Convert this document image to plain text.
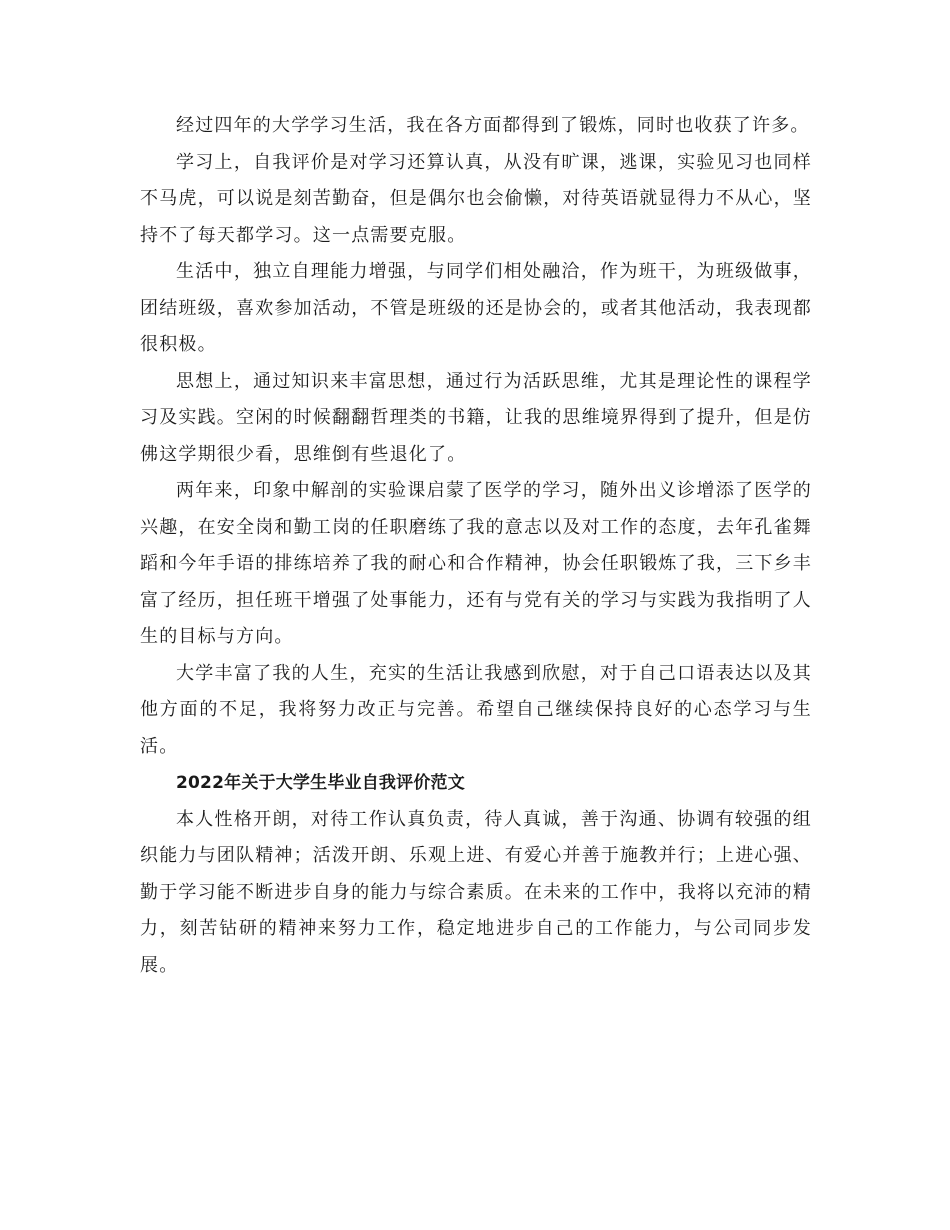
经过四年的大学学习生活，我在各方面都得到了锻炼，同时也收获了许多。

学习上，自我评价是对学习还算认真，从没有旷课，逃课，实验见习也同样不马虎，可以说是刻苦勤奋，但是偶尔也会偷懒，对待英语就显得力不从心，坚持不了每天都学习。这一点需要克服。

生活中，独立自理能力增强，与同学们相处融洽，作为班干，为班级做事，团结班级，喜欢参加活动，不管是班级的还是协会的，或者其他活动，我表现都很积极。

思想上，通过知识来丰富思想，通过行为活跃思维，尤其是理论性的课程学习及实践。空闲的时候翻翻哲理类的书籍，让我的思维境界得到了提升，但是仿佛这学期很少看，思维倒有些退化了。

两年来，印象中解剖的实验课启蒙了医学的学习，随外出义诊增添了医学的兴趣，在安全岗和勤工岗的任职磨练了我的意志以及对工作的态度，去年孔雀舞蹈和今年手语的排练培养了我的耐心和合作精神，协会任职锻炼了我，三下乡丰富了经历，担任班干增强了处事能力，还有与党有关的学习与实践为我指明了人生的目标与方向。

大学丰富了我的人生，充实的生活让我感到欣慰，对于自己口语表达以及其他方面的不足，我将努力改正与完善。希望自己继续保持良好的心态学习与生活。

2022年关于大学生毕业自我评价范文

本人性格开朗，对待工作认真负责，待人真诚，善于沟通、协调有较强的组织能力与团队精神；活泼开朗、乐观上进、有爱心并善于施教并行；上进心强、勤于学习能不断进步自身的能力与综合素质。在未来的工作中，我将以充沛的精力，刻苦钻研的精神来努力工作，稳定地进步自己的工作能力，与公司同步发展。
